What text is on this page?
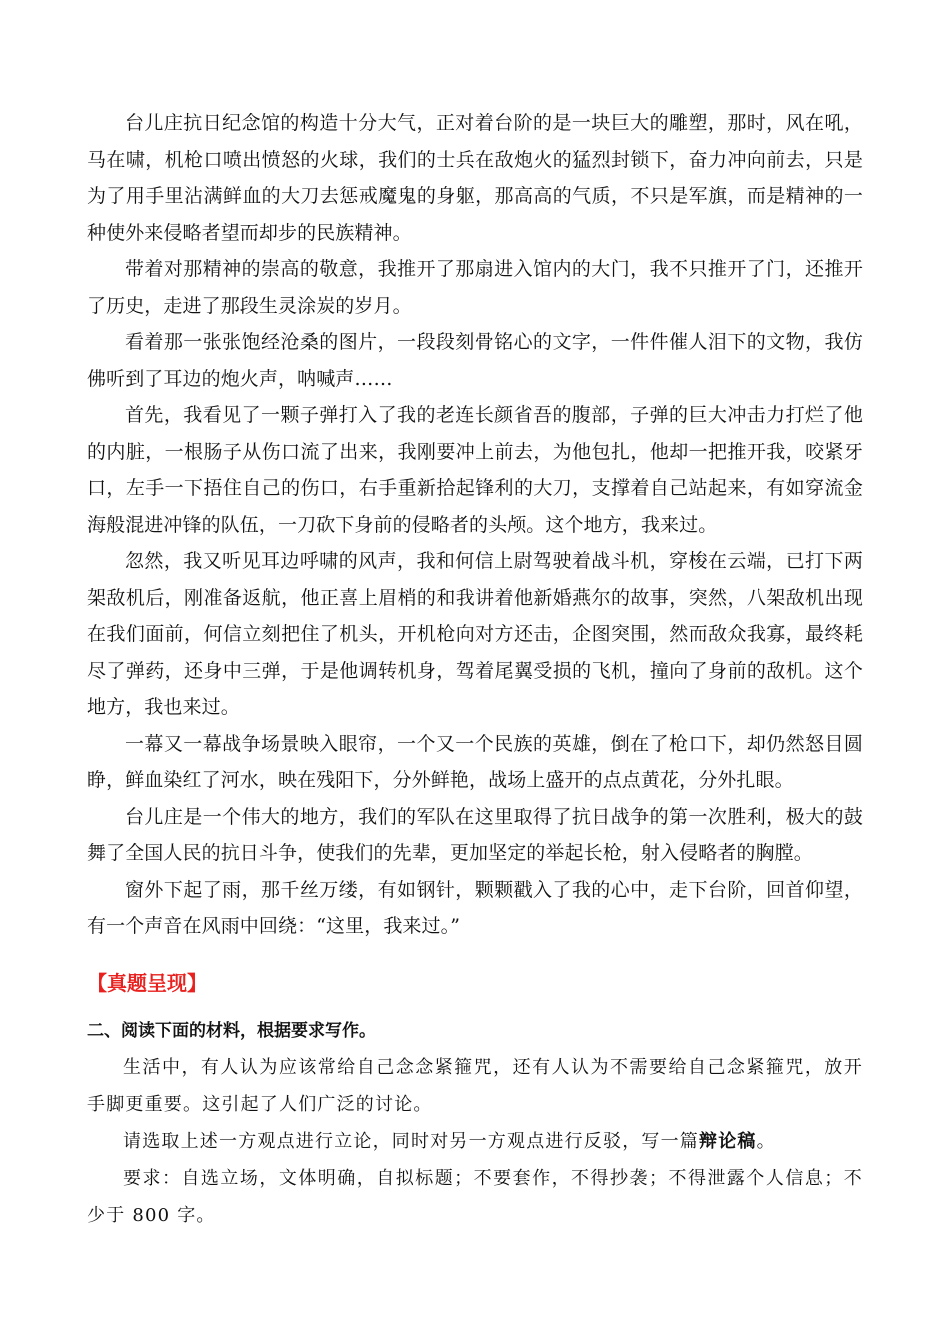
台儿庄抗日纪念馆的构造十分大气，正对着台阶的是一块巨大的雕塑，那时，风在吼，马在啸，机枪口喷出愤怒的火球，我们的士兵在敌炮火的猛烈封锁下，奋力冲向前去，只是为了用手里沾满鲜血的大刀去惩戒魔鬼的身躯，那高高的气质，不只是军旗，而是精神的一种使外来侵略者望而却步的民族精神。

带着对那精神的崇高的敬意，我推开了那扇进入馆内的大门，我不只推开了门，还推开了历史，走进了那段生灵涂炭的岁月。

看着那一张张饱经沧桑的图片，一段段刻骨铭心的文字，一件件催人泪下的文物，我仿佛听到了耳边的炮火声，呐喊声……

首先，我看见了一颗子弹打入了我的老连长颜省吾的腹部，子弹的巨大冲击力打烂了他的内脏，一根肠子从伤口流了出来，我刚要冲上前去，为他包扎，他却一把推开我，咬紧牙口，左手一下捂住自己的伤口，右手重新拾起锋利的大刀，支撑着自己站起来，有如穿流金海般混进冲锋的队伍，一刀砍下身前的侵略者的头颅。这个地方，我来过。

忽然，我又听见耳边呼啸的风声，我和何信上尉驾驶着战斗机，穿梭在云端，已打下两架敌机后，刚准备返航，他正喜上眉梢的和我讲着他新婚燕尔的故事，突然，八架敌机出现在我们面前，何信立刻把住了机头，开机枪向对方还击，企图突围，然而敌众我寡，最终耗尽了弹药，还身中三弹，于是他调转机身，驾着尾翼受损的飞机，撞向了身前的敌机。这个地方，我也来过。

一幕又一幕战争场景映入眼帘，一个又一个民族的英雄，倒在了枪口下，却仍然怒目圆睁，鲜血染红了河水，映在残阳下，分外鲜艳，战场上盛开的点点黄花，分外扎眼。

台儿庄是一个伟大的地方，我们的军队在这里取得了抗日战争的第一次胜利，极大的鼓舞了全国人民的抗日斗争，使我们的先辈，更加坚定的举起长枪，射入侵略者的胸膛。

窗外下起了雨，那千丝万缕，有如钢针，颗颗戳入了我的心中，走下台阶，回首仰望，有一个声音在风雨中回绕：“这里，我来过。”

【真题呈现】
二、阅读下面的材料，根据要求写作。

生活中，有人认为应该常给自己念念紧箍咒，还有人认为不需要给自己念紧箍咒，放开手脚更重要。这引起了人们广泛的讨论。

请选取上述一方观点进行立论，同时对另一方观点进行反驳，写一篇辩论稿。

要求：自选立场，文体明确，自拟标题；不要套作，不得抄袭；不得泄露个人信息；不少于 800 字。
